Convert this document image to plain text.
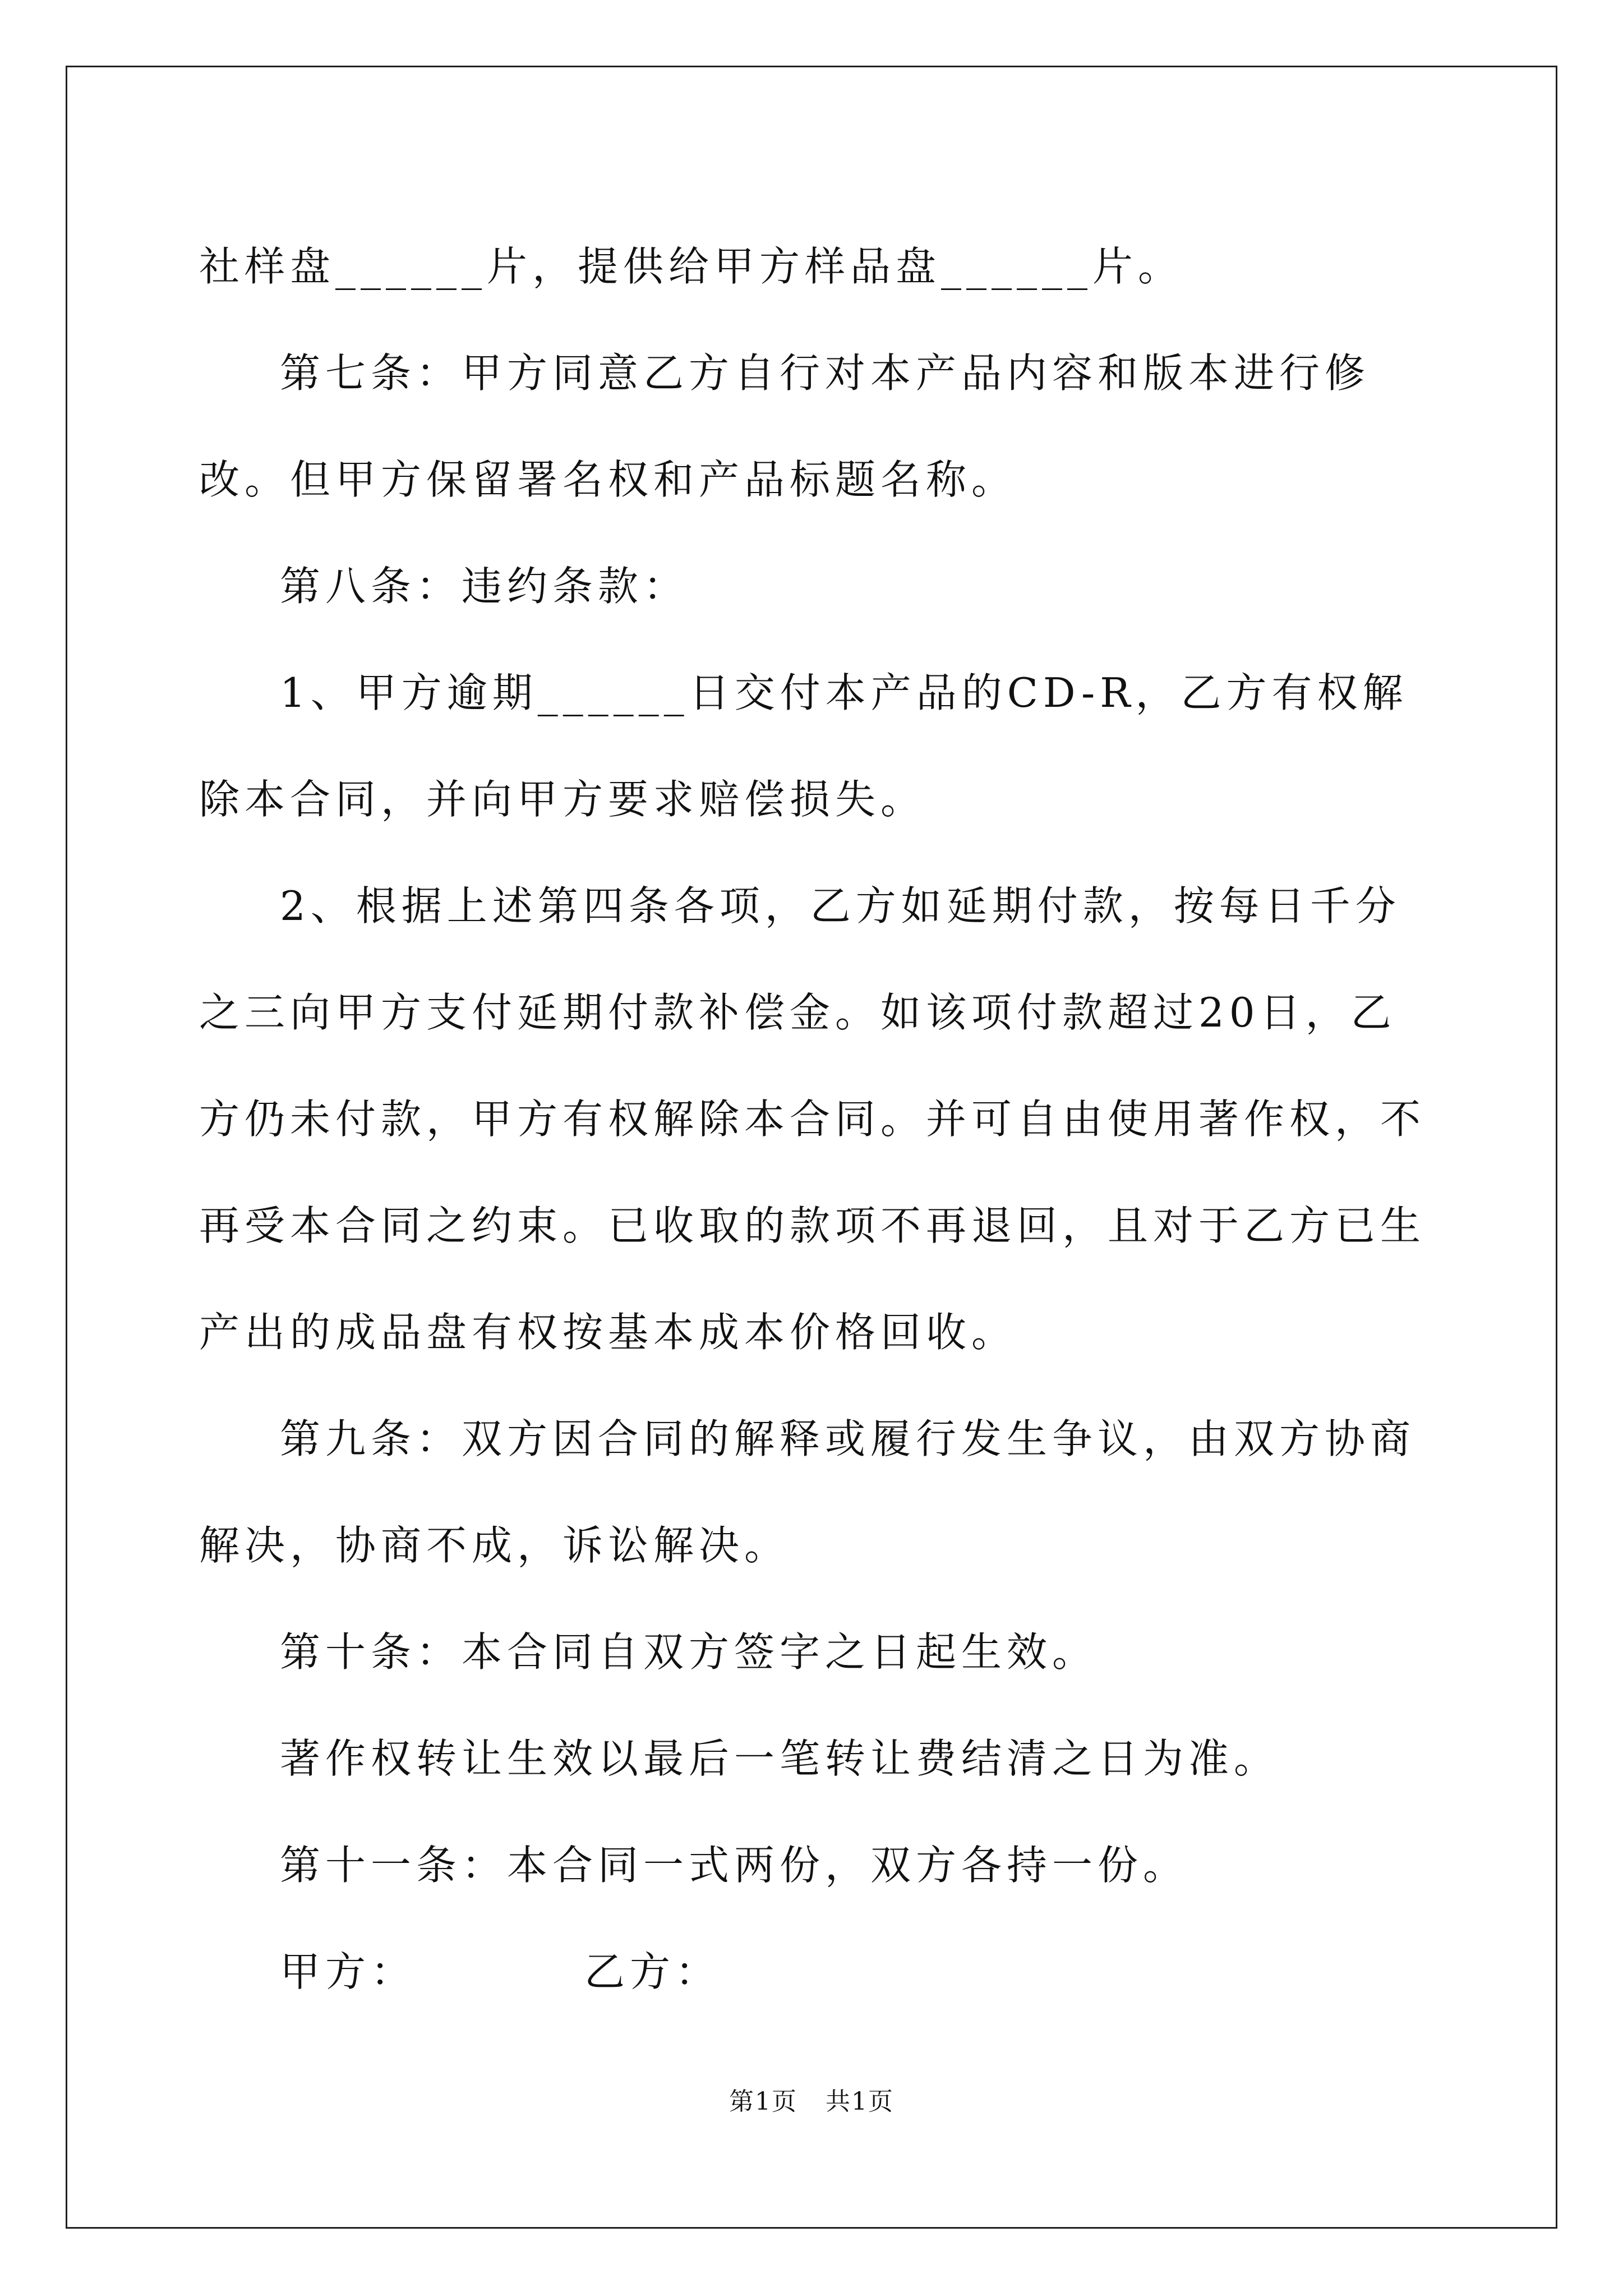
社样盘______片，提供给甲方样品盘______片。

第七条：甲方同意乙方自行对本产品内容和版本进行修改。但甲方保留署名权和产品标题名称。

第八条：违约条款：

1、甲方逾期______日交付本产品的CD-R，乙方有权解除本合同，并向甲方要求赔偿损失。

2、根据上述第四条各项，乙方如延期付款，按每日千分之三向甲方支付延期付款补偿金。如该项付款超过20日，乙方仍未付款，甲方有权解除本合同。并可自由使用著作权，不再受本合同之约束。已收取的款项不再退回，且对于乙方已生产出的成品盘有权按基本成本价格回收。

第九条：双方因合同的解释或履行发生争议，由双方协商解决，协商不成，诉讼解决。

第十条：本合同自双方签字之日起生效。

著作权转让生效以最后一笔转让费结清之日为准。

第十一条：本合同一式两份，双方各持一份。

甲方：	乙方：

第1页 共1页
